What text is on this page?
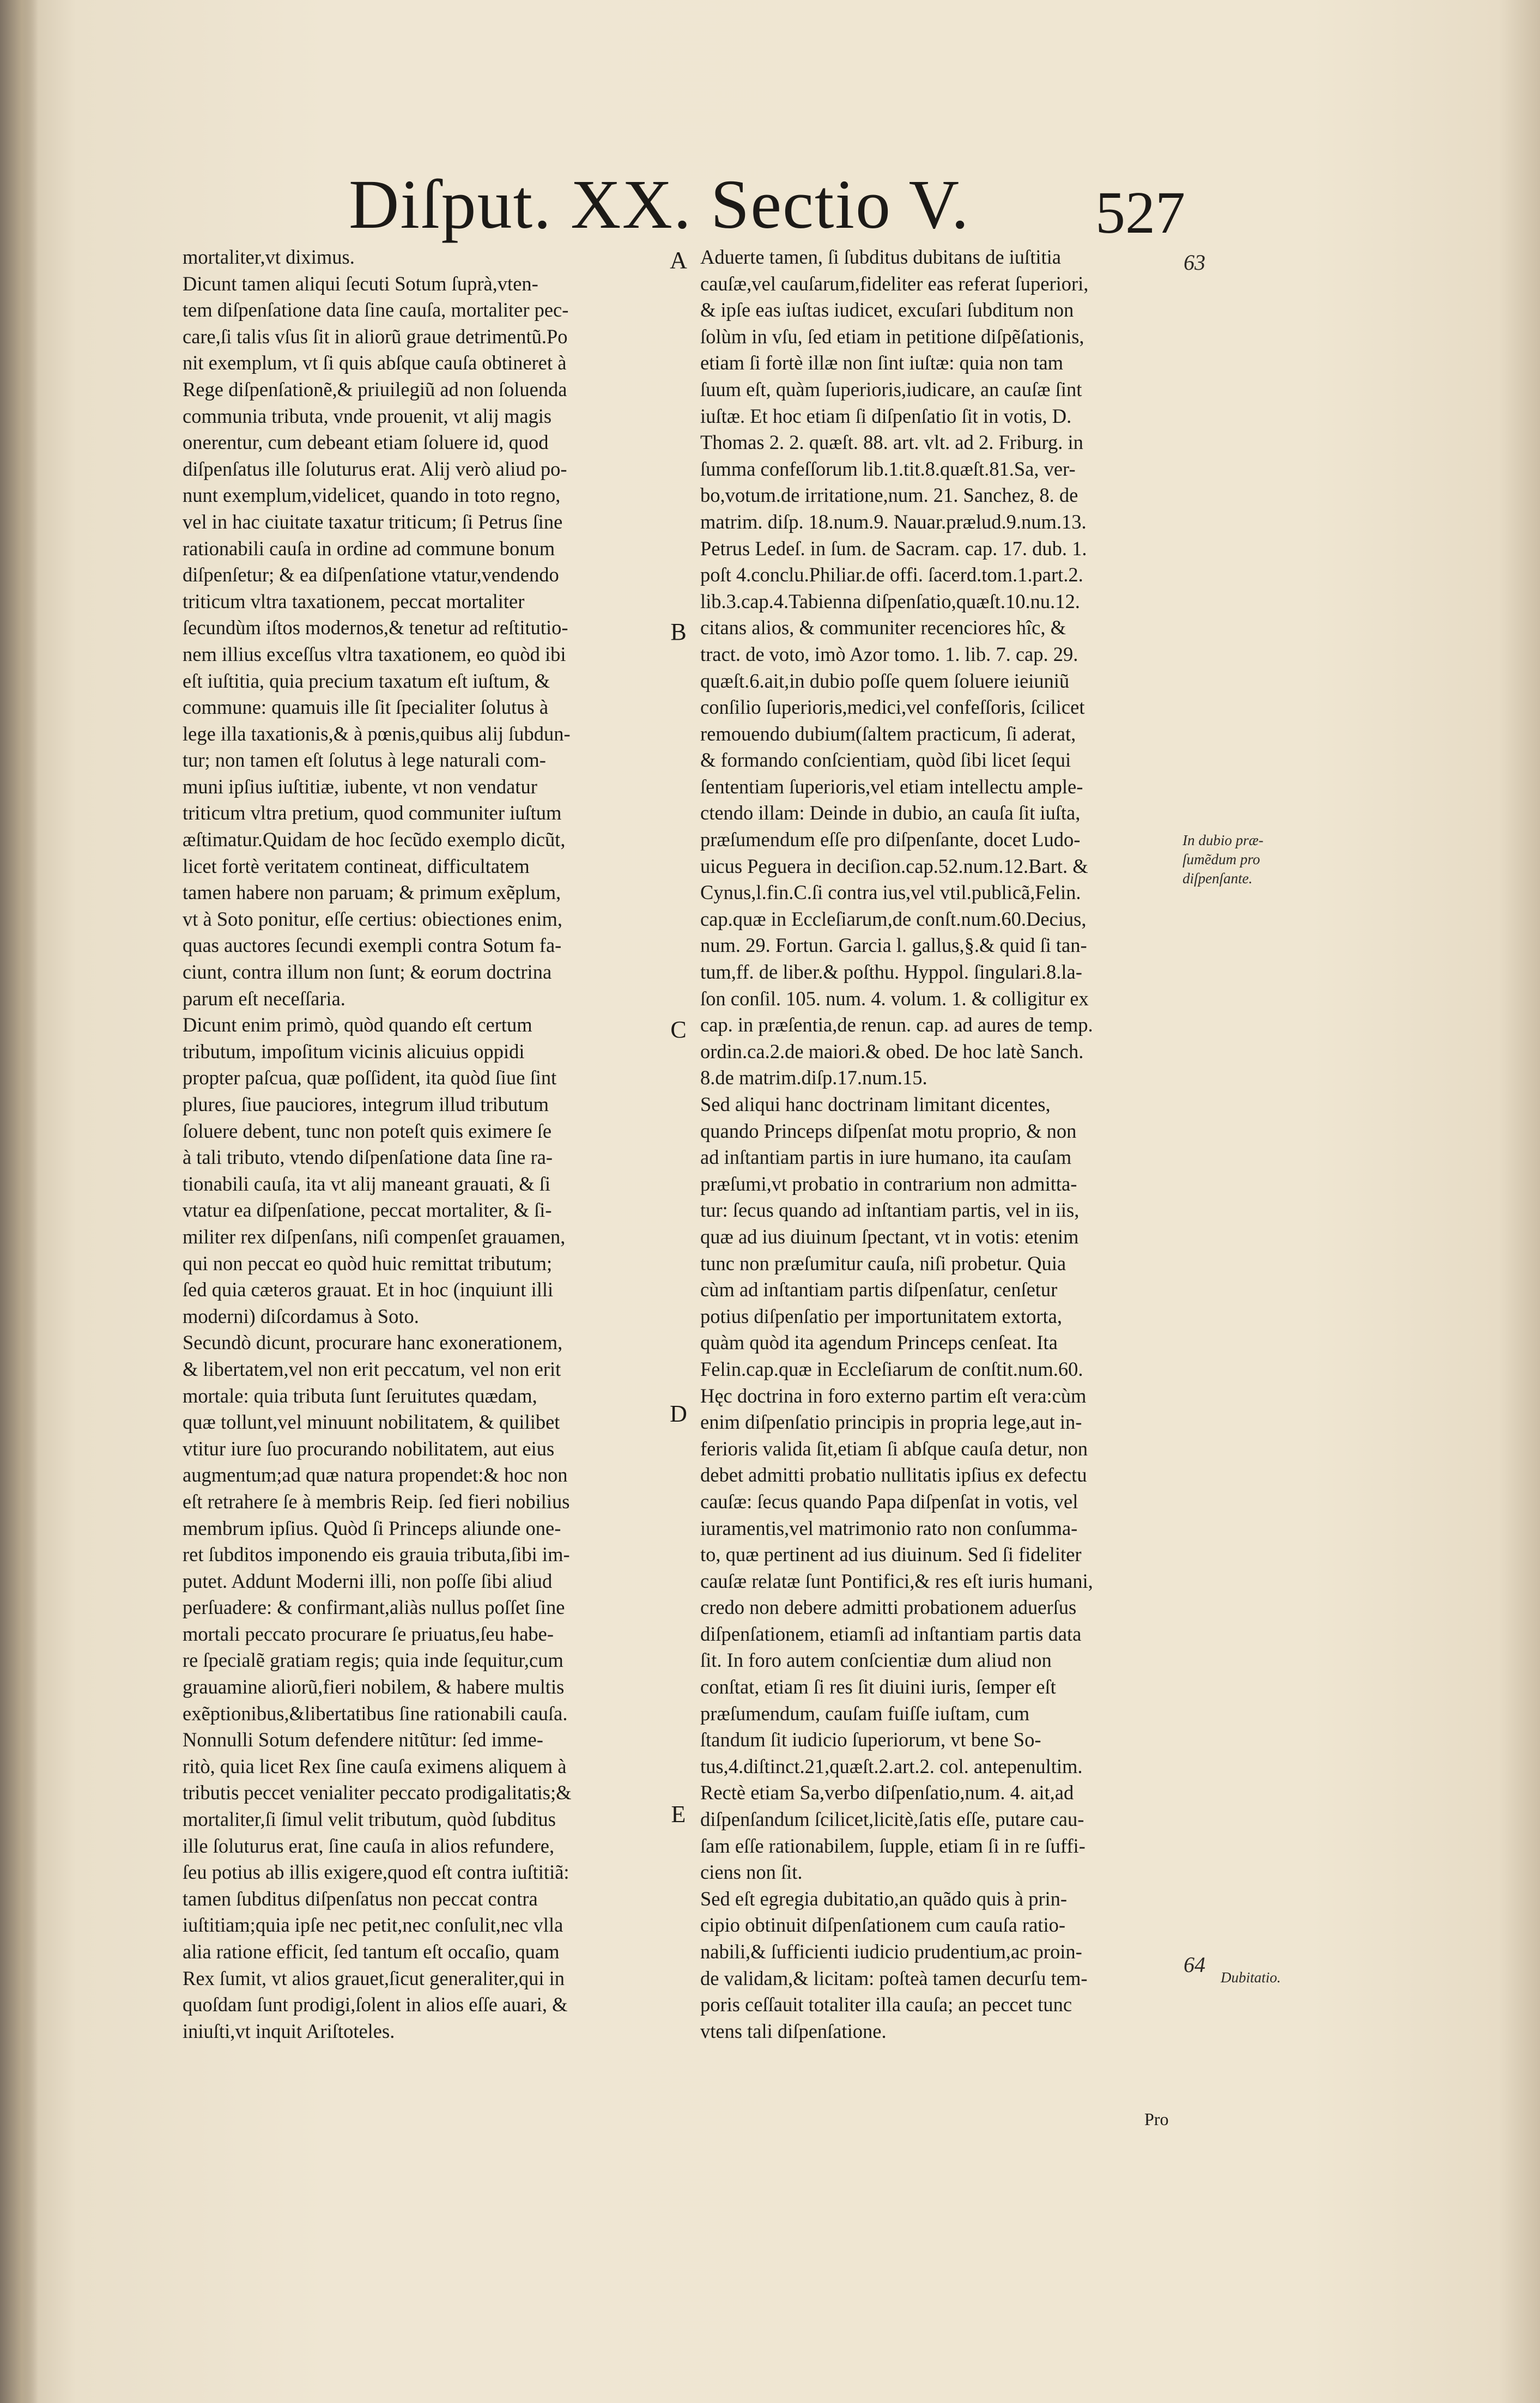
Diſput. XX. Sectio V. 527
mortaliter,vt diximus.
Dicunt tamen aliqui ſecuti Sotum ſuprà,vten-
tem diſpenſatione data ſine cauſa, mortaliter pec-
care,ſi talis vſus ſit in aliorũ graue detrimentũ.Po
nit exemplum, vt ſi quis abſque cauſa obtineret à
Rege diſpenſationẽ,& priuilegiũ ad non ſoluenda
communia tributa, vnde prouenit, vt alij magis
onerentur, cum debeant etiam ſoluere id, quod
diſpenſatus ille ſoluturus erat. Alij verò aliud po-
nunt exemplum,videlicet, quando in toto regno,
vel in hac ciuitate taxatur triticum; ſi Petrus ſine
rationabili cauſa in ordine ad commune bonum
diſpenſetur; & ea diſpenſatione vtatur,vendendo
triticum vltra taxationem, peccat mortaliter
ſecundùm iſtos modernos,& tenetur ad reſtitutio-
nem illius exceſſus vltra taxationem, eo quòd ibi
eſt iuſtitia, quia precium taxatum eſt iuſtum, &
commune: quamuis ille ſit ſpecialiter ſolutus à
lege illa taxationis,& à pœnis,quibus alij ſubdun-
tur; non tamen eſt ſolutus à lege naturali com-
muni ipſius iuſtitiæ, iubente, vt non vendatur
triticum vltra pretium, quod communiter iuſtum
æſtimatur.Quidam de hoc ſecũdo exemplo dicũt,
licet fortè veritatem contineat, difficultatem
tamen habere non paruam; & primum exẽplum,
vt à Soto ponitur, eſſe certius: obiectiones enim,
quas auctores ſecundi exempli contra Sotum fa-
ciunt, contra illum non ſunt; & eorum doctrina
parum eſt neceſſaria.
Dicunt enim primò, quòd quando eſt certum
tributum, impoſitum vicinis alicuius oppidi
propter paſcua, quæ poſſident, ita quòd ſiue ſint
plures, ſiue pauciores, integrum illud tributum
ſoluere debent, tunc non poteſt quis eximere ſe
à tali tributo, vtendo diſpenſatione data ſine ra-
tionabili cauſa, ita vt alij maneant grauati, & ſi
vtatur ea diſpenſatione, peccat mortaliter, & ſi-
militer rex diſpenſans, niſi compenſet grauamen,
qui non peccat eo quòd huic remittat tributum;
ſed quia cæteros grauat. Et in hoc (inquiunt illi
moderni) diſcordamus à Soto.
Secundò dicunt, procurare hanc exonerationem,
& libertatem,vel non erit peccatum, vel non erit
mortale: quia tributa ſunt ſeruitutes quædam,
quæ tollunt,vel minuunt nobilitatem, & quilibet
vtitur iure ſuo procurando nobilitatem, aut eius
augmentum;ad quæ natura propendet:& hoc non
eſt retrahere ſe à membris Reip. ſed fieri nobilius
membrum ipſius. Quòd ſi Princeps aliunde one-
ret ſubditos imponendo eis grauia tributa,ſibi im-
putet. Addunt Moderni illi, non poſſe ſibi aliud
perſuadere: & confirmant,aliàs nullus poſſet ſine
mortali peccato procurare ſe priuatus,ſeu habe-
re ſpecialẽ gratiam regis; quia inde ſequitur,cum
grauamine aliorũ,fieri nobilem, & habere multis
exẽptionibus,&libertatibus ſine rationabili cauſa.
Nonnulli Sotum defendere nitũtur: ſed imme-
ritò, quia licet Rex ſine cauſa eximens aliquem à
tributis peccet venialiter peccato prodigalitatis;&
mortaliter,ſi ſimul velit tributum, quòd ſubditus
ille ſoluturus erat, ſine cauſa in alios refundere,
ſeu potius ab illis exigere,quod eſt contra iuſtitiã:
tamen ſubditus diſpenſatus non peccat contra
iuſtitiam;quia ipſe nec petit,nec conſulit,nec vlla
alia ratione efficit, ſed tantum eſt occaſio, quam
Rex ſumit, vt alios grauet,ſicut generaliter,qui in
quoſdam ſunt prodigi,ſolent in alios eſſe auari, &
iniuſti,vt inquit Ariſtoteles.
Aduerte tamen, ſi ſubditus dubitans de iuſtitia
cauſæ,vel cauſarum,fideliter eas referat ſuperiori,
& ipſe eas iuſtas iudicet, excuſari ſubditum non
ſolùm in vſu, ſed etiam in petitione diſpẽſationis,
etiam ſi fortè illæ non ſint iuſtæ: quia non tam
ſuum eſt, quàm ſuperioris,iudicare, an cauſæ ſint
iuſtæ. Et hoc etiam ſi diſpenſatio ſit in votis, D.
Thomas 2. 2. quæſt. 88. art. vlt. ad 2. Friburg. in
ſumma confeſſorum lib.1.tit.8.quæſt.81.Sa, ver-
bo,votum.de irritatione,num. 21. Sanchez, 8. de
matrim. diſp. 18.num.9. Nauar.prælud.9.num.13.
Petrus Ledeſ. in ſum. de Sacram. cap. 17. dub. 1.
poſt 4.conclu.Philiar.de offi. ſacerd.tom.1.part.2.
lib.3.cap.4.Tabienna diſpenſatio,quæſt.10.nu.12.
citans alios, & communiter recenciores hîc, &
tract. de voto, imò Azor tomo. 1. lib. 7. cap. 29.
quæſt.6.ait,in dubio poſſe quem ſoluere ieiuniũ
conſilio ſuperioris,medici,vel confeſſoris, ſcilicet
remouendo dubium(ſaltem practicum, ſi aderat,
& formando conſcientiam, quòd ſibi licet ſequi
ſententiam ſuperioris,vel etiam intellectu ample-
ctendo illam: Deinde in dubio, an cauſa ſit iuſta,
præſumendum eſſe pro diſpenſante, docet Ludo-
uicus Peguera in deciſion.cap.52.num.12.Bart. &
Cynus,l.fin.C.ſi contra ius,vel vtil.publicã,Felin.
cap.quæ in Eccleſiarum,de conſt.num.60.Decius,
num. 29. Fortun. Garcia l. gallus,§.& quid ſi tan-
tum,ff. de liber.& poſthu. Hyppol. ſingulari.8.la-
ſon conſil. 105. num. 4. volum. 1. & colligitur ex
cap. in præſentia,de renun. cap. ad aures de temp.
ordin.ca.2.de maiori.& obed. De hoc latè Sanch.
8.de matrim.diſp.17.num.15.
Sed aliqui hanc doctrinam limitant dicentes,
quando Princeps diſpenſat motu proprio, & non
ad inſtantiam partis in iure humano, ita cauſam
præſumi,vt probatio in contrarium non admitta-
tur: ſecus quando ad inſtantiam partis, vel in iis,
quæ ad ius diuinum ſpectant, vt in votis: etenim
tunc non præſumitur cauſa, niſi probetur. Quia
cùm ad inſtantiam partis diſpenſatur, cenſetur
potius diſpenſatio per importunitatem extorta,
quàm quòd ita agendum Princeps cenſeat. Ita
Felin.cap.quæ in Eccleſiarum de conſtit.num.60.
Hęc doctrina in foro externo partim eſt vera:cùm
enim diſpenſatio principis in propria lege,aut in-
ferioris valida ſit,etiam ſi abſque cauſa detur, non
debet admitti probatio nullitatis ipſius ex defectu
cauſæ: ſecus quando Papa diſpenſat in votis, vel
iuramentis,vel matrimonio rato non conſumma-
to, quæ pertinent ad ius diuinum. Sed ſi fideliter
cauſæ relatæ ſunt Pontifici,& res eſt iuris humani,
credo non debere admitti probationem aduerſus
diſpenſationem, etiamſi ad inſtantiam partis data
ſit. In foro autem conſcientiæ dum aliud non
conſtat, etiam ſi res ſit diuini iuris, ſemper eſt
præſumendum, cauſam fuiſſe iuſtam, cum
ſtandum ſit iudicio ſuperiorum, vt bene So-
tus,4.diſtinct.21,quæſt.2.art.2. col. antepenultim.
Rectè etiam Sa,verbo diſpenſatio,num. 4. ait,ad
diſpenſandum ſcilicet,licitè,ſatis eſſe, putare cau-
ſam eſſe rationabilem, ſupple, etiam ſi in re ſuffi-
ciens non ſit.
Sed eſt egregia dubitatio,an quãdo quis à prin-
cipio obtinuit diſpenſationem cum cauſa ratio-
nabili,& ſufficienti iudicio prudentium,ac proin-
de validam,& licitam: poſteà tamen decurſu tem-
poris ceſſauit totaliter illa cauſa; an peccet tunc
vtens tali diſpenſatione.
A
B
C
D
E
63
64
In dubio præ-
ſumẽdum pro
diſpenſante.
Dubitatio.
Pro
